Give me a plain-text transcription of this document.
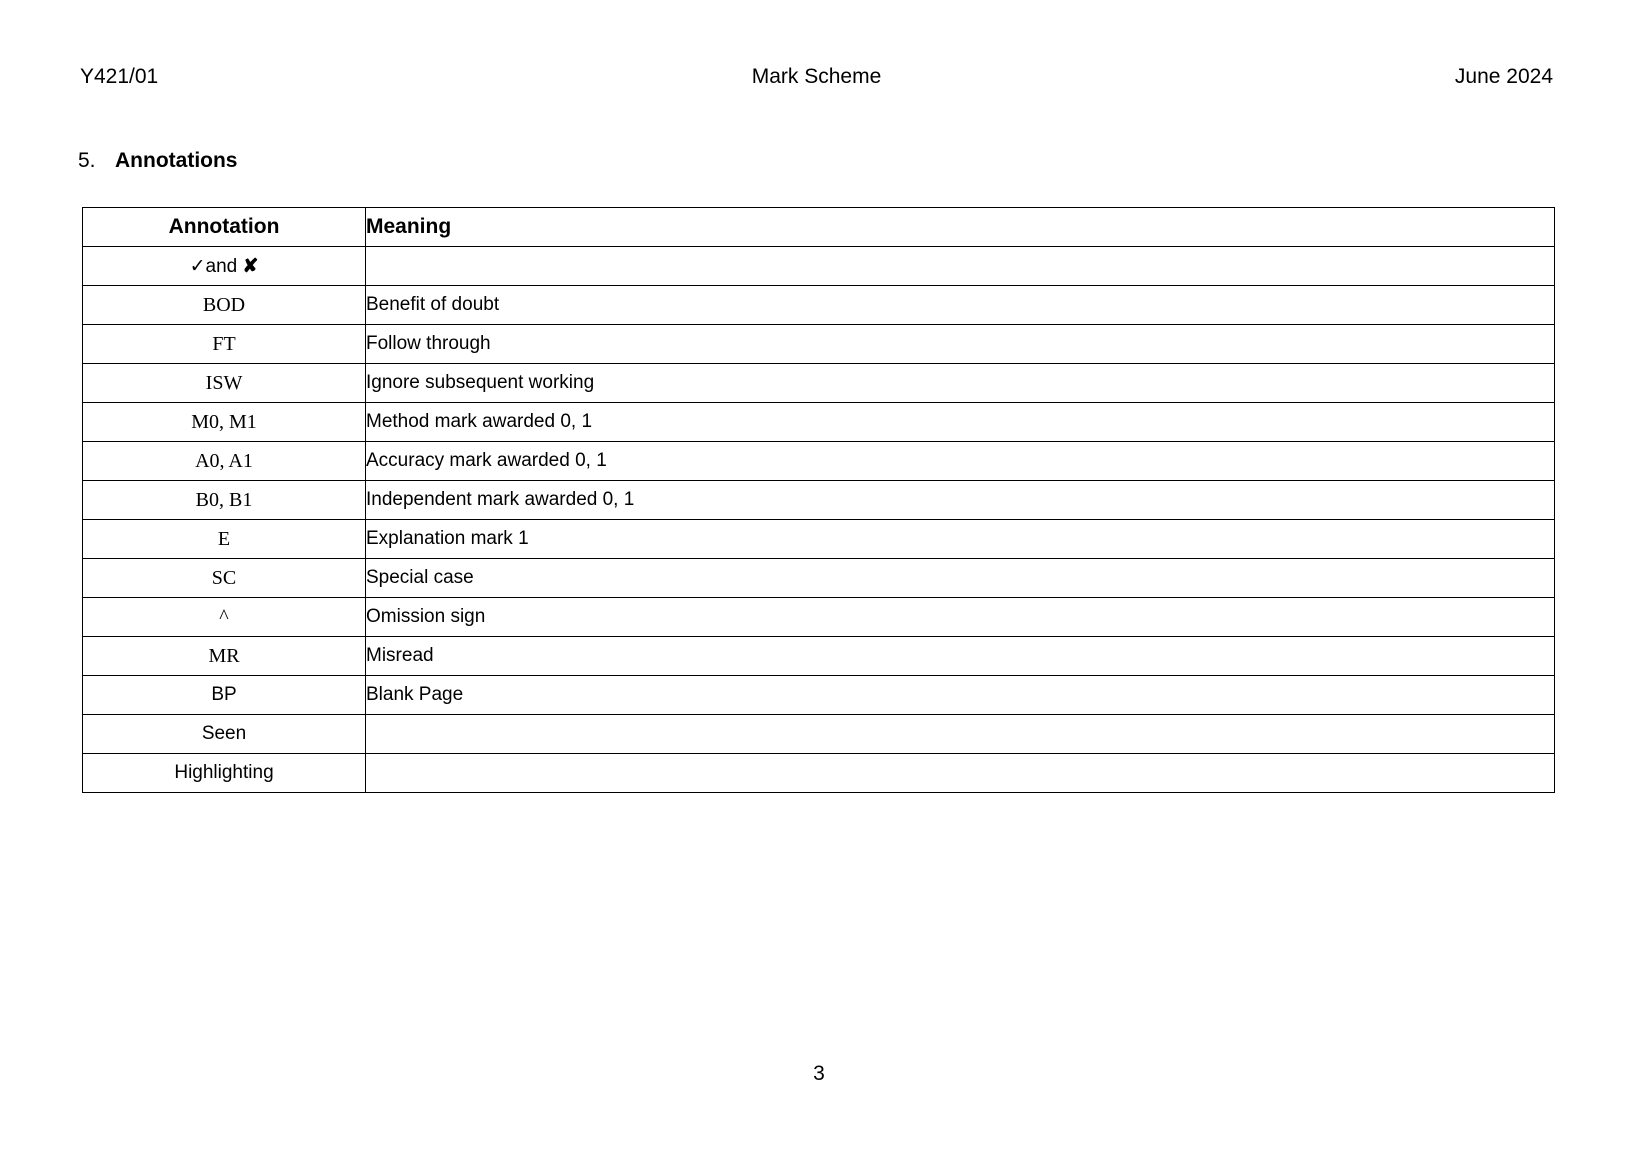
Y421/01	Mark Scheme	June 2024
5. Annotations
Annotation	Meaning
✓and ✘	
BOD	Benefit of doubt
FT	Follow through
ISW	Ignore subsequent working
M0, M1	Method mark awarded 0, 1
A0, A1	Accuracy mark awarded 0, 1
B0, B1	Independent mark awarded 0, 1
E	Explanation mark 1
SC	Special case
^	Omission sign
MR	Misread
BP	Blank Page
Seen	
Highlighting	
3
